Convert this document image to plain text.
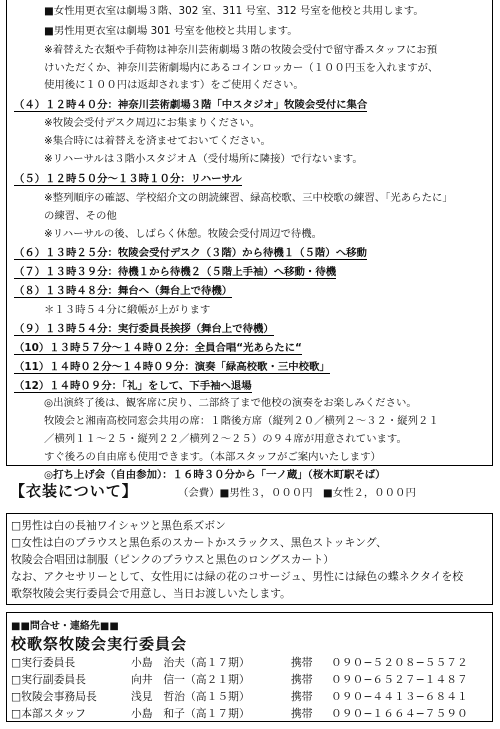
■女性用更衣室は劇場３階、302 室、311 号室、312 号室を他校と共用します。
■男性用更衣室は劇場 301 号室を他校と共用します。
※着替えた衣類や手荷物は神奈川芸術劇場３階の牧陵会受付で留守番スタッフにお預
けいただくか、神奈川芸術劇場内にあるコインロッカー（１００円玉を入れますが、
使用後に１００円は返却されます）をご使用ください。
（４）１２時４０分：神奈川芸術劇場３階「中スタジオ」牧陵会受付に集合
※牧陵会受付デスク周辺にお集まりください。
※集合時には着替えを済ませておいてください。
※リハーサルは３階小スタジオＡ（受付場所に隣接）で行ないます。
（５）１２時５０分〜１３時１０分：リハーサル
※整列順序の確認、学校紹介文の朗読練習、緑高校歌、三中校歌の練習、「光あらたに」
の練習、その他
※リハーサルの後、しばらく休憩。牧陵会受付周辺で待機。
（６）１３時２５分：牧陵会受付デスク（３階）から待機１（５階）へ移動
（７）１３時３９分：待機１から待機２（５階上手袖）へ移動・待機
（８）１３時４８分：舞台へ（舞台上で待機）
＊１３時５４分に緞帳が上がります
（９）１３時５４分：実行委員長挨拶（舞台上で待機）
（10）１３時５７分〜１４時０２分：全員合唱“光あらたに“
（11）１４時０２分〜１４時０９分：演奏「緑高校歌・三中校歌」
（12）１４時０９分：「礼」をして、下手袖へ退場
◎出演終了後は、観客席に戻り、二部終了まで他校の演奏をお楽しみください。
牧陵会と湘南高校同窓会共用の席：１階後方席（縦列２０／横列２〜３２・縦列２１
／横列１１〜２５・縦列２２／横列２〜２５）の９４席が用意されています。
すぐ後ろの自由席も使用できます。（本部スタッフがご案内いたします）
◎打ち上げ会（自由参加）：１６時３０分から「一ノ蔵」（桜木町駅そば）
（会費）■男性３，０００円　■女性２，０００円
【衣装について】
□男性は白の長袖ワイシャツと黒色系ズボン
□女性は白のブラウスと黒色系のスカートかスラックス、黒色ストッキング、
牧陵会合唱団は制服（ピンクのブラウスと黒色のロングスカート）
なお、アクセサリーとして、女性用には緑の花のコサージュ、男性には緑色の蝶ネクタイを校
歌祭牧陵会実行委員会で用意し、当日お渡しいたします。
■■問合せ・連絡先■■
校歌祭牧陵会実行委員会
□実行委員長	小島　治夫（高１７期）	携帯 ０９０−５２０８−５５７２
□実行副委員長	向井　信一（高２１期）	携帯 ０９０−６５２７−１４８７
□牧陵会事務局長	浅見　哲治（高１５期）	携帯 ０９０−４４１３−６８４１
□本部スタッフ	小島　和子（高１７期）	携帯 ０９０−１６６４−７５９０
